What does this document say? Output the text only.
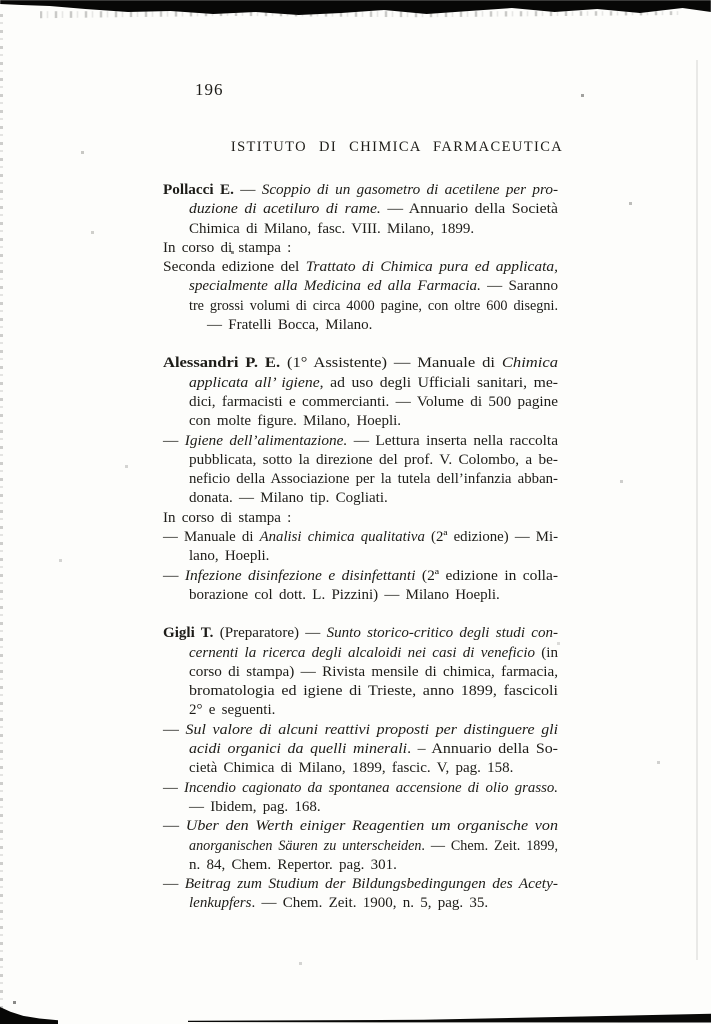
196
ISTITUTO DI CHIMICA FARMACEUTICA
Pollacci E. — Scoppio di un gasometro di acetilene per pro-
duzione di acetiluro di rame. — Annuario della Società
Chimica di Milano, fasc. VIII. Milano, 1899.
In corso di stampa :
Seconda edizione del Trattato di Chimica pura ed applicata,
specialmente alla Medicina ed alla Farmacia. — Saranno
tre grossi volumi di circa 4000 pagine, con oltre 600 disegni.
— Fratelli Bocca, Milano.
Alessandri P. E. (1° Assistente) — Manuale di Chimica
applicata all’ igiene, ad uso degli Ufficiali sanitari, me-
dici, farmacisti e commercianti. — Volume di 500 pagine
con molte figure. Milano, Hoepli.
— Igiene dell’alimentazione. — Lettura inserta nella raccolta
pubblicata, sotto la direzione del prof. V. Colombo, a be-
neficio della Associazione per la tutela dell’infanzia abban-
donata. — Milano tip. Cogliati.
In corso di stampa :
— Manuale di Analisi chimica qualitativa (2ª edizione) — Mi-
lano, Hoepli.
— Infezione disinfezione e disinfettanti (2ª edizione in colla-
borazione col dott. L. Pizzini) — Milano Hoepli.
Gigli T. (Preparatore) — Sunto storico-critico degli studi con-
cernenti la ricerca degli alcaloidi nei casi di veneficio (in
corso di stampa) — Rivista mensile di chimica, farmacia,
bromatologia ed igiene di Trieste, anno 1899, fascicoli
2° e seguenti.
— Sul valore di alcuni reattivi proposti per distinguere gli
acidi organici da quelli minerali. – Annuario della So-
cietà Chimica di Milano, 1899, fascic. V, pag. 158.
— Incendio cagionato da spontanea accensione di olio grasso.
— Ibidem, pag. 168.
— Uber den Werth einiger Reagentien um organische von
anorganischen Säuren zu unterscheiden. — Chem. Zeit. 1899,
n. 84, Chem. Repertor. pag. 301.
— Beitrag zum Studium der Bildungsbedingungen des Acety-
lenkupfers. — Chem. Zeit. 1900, n. 5, pag. 35.
